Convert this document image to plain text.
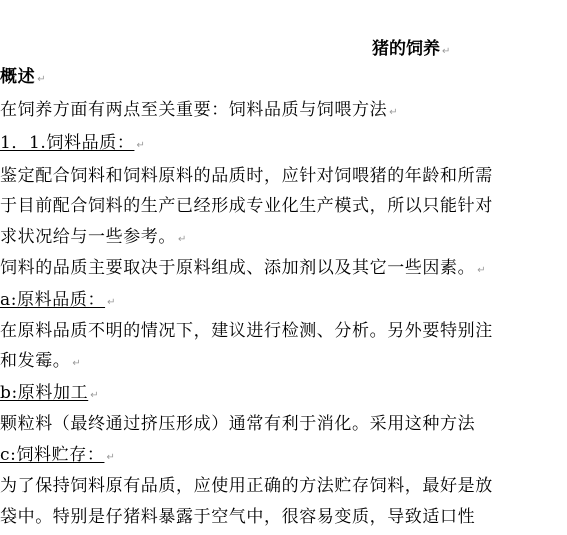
猪的饲养 ↵
概述 ↵
在饲养方面有两点至关重要：饲料品质与饲喂方法 ↵
1．1.饲料品质： ↵
鉴定配合饲料和饲料原料的品质时，应针对饲喂猪的年龄和所需
于目前配合饲料的生产已经形成专业化生产模式，所以只能针对
求状况给与一些参考。 ↵
饲料的品质主要取决于原料组成、添加剂以及其它一些因素。 ↵
a:原料品质： ↵
在原料品质不明的情况下，建议进行检测、分析。另外要特别注
和发霉。 ↵
b:原料加工 ↵
颗粒料（最终通过挤压形成）通常有利于消化。采用这种方法
c:饲料贮存： ↵
为了保持饲料原有品质，应使用正确的方法贮存饲料，最好是放
袋中。特别是仔猪料暴露于空气中，很容易变质，导致适口性
